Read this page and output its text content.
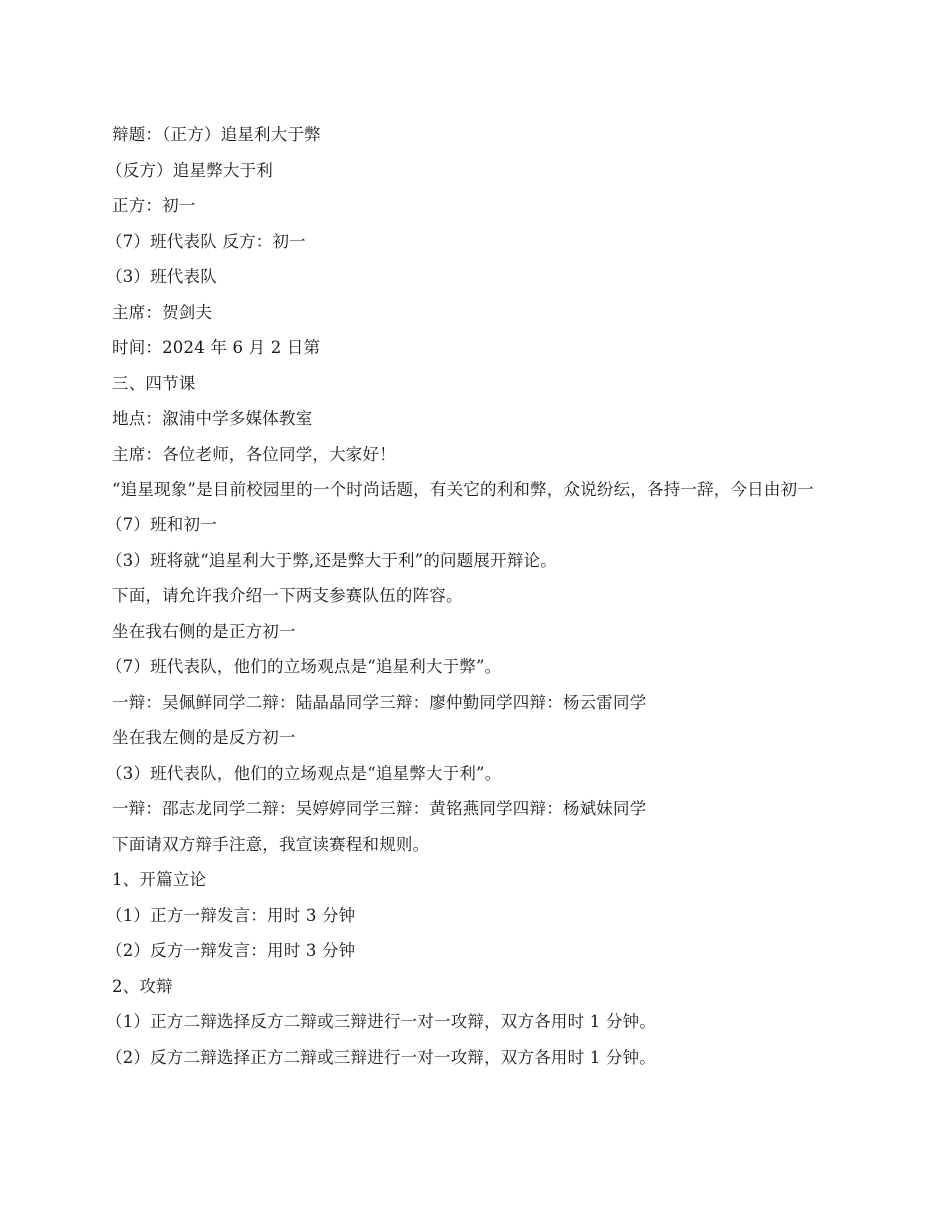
辩题：（正方）追星利大于弊

（反方）追星弊大于利

正方：初一

（7）班代表队 反方：初一

（3）班代表队

主席：贺剑夫

时间：2024 年 6 月 2 日第

三、四节课

地点：溆浦中学多媒体教室

主席：各位老师，各位同学，大家好！

“追星现象”是目前校园里的一个时尚话题，有关它的利和弊，众说纷纭，各持一辞，今日由初一

（7）班和初一

（3）班将就“追星利大于弊,还是弊大于利”的问题展开辩论。

下面，请允许我介绍一下两支参赛队伍的阵容。

坐在我右侧的是正方初一

（7）班代表队，他们的立场观点是“追星利大于弊”。

一辩：吴佩鲜同学二辩：陆晶晶同学三辩：廖仲勤同学四辩：杨云雷同学

坐在我左侧的是反方初一

（3）班代表队，他们的立场观点是“追星弊大于利”。

一辩：邵志龙同学二辩：吴婷婷同学三辩：黄铭燕同学四辩：杨斌妹同学

下面请双方辩手注意，我宣读赛程和规则。

1、开篇立论

（1）正方一辩发言：用时 3 分钟

（2）反方一辩发言：用时 3 分钟

2、攻辩

（1）正方二辩选择反方二辩或三辩进行一对一攻辩，双方各用时 1 分钟。

（2）反方二辩选择正方二辩或三辩进行一对一攻辩，双方各用时 1 分钟。
